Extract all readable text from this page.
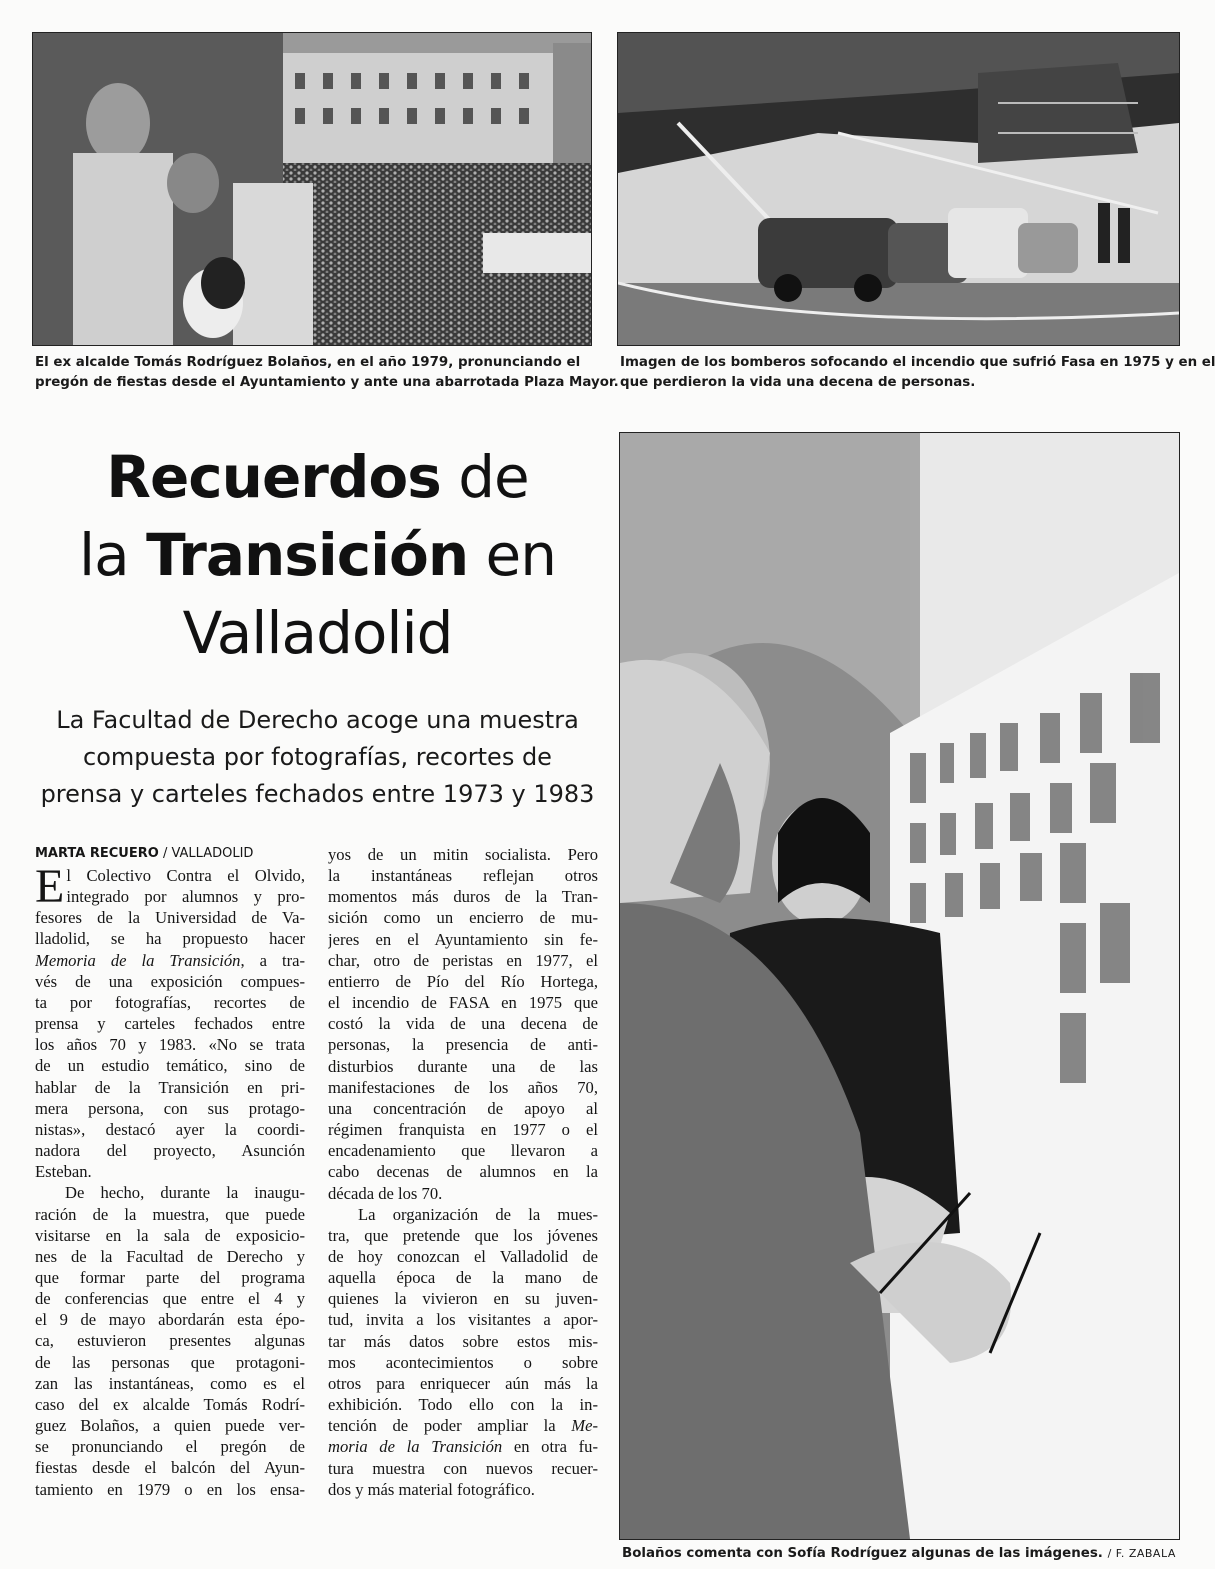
El ex alcalde Tomás Rodríguez Bolaños, en el año 1979, pronunciando el
pregón de fiestas desde el Ayuntamiento y ante una abarrotada Plaza Mayor.
Imagen de los bomberos sofocando el incendio que sufrió Fasa en 1975 y en el
que perdieron la vida una decena de personas.
Recuerdos de
la Transición en
Valladolid
La Facultad de Derecho acoge una muestra
compuesta por fotografías, recortes de
prensa y carteles fechados entre 1973 y 1983
MARTA RECUERO / VALLADOLID
E l Colectivo Contra el Olvido,
integrado por alumnos y pro-
fesores de la Universidad de Va-
lladolid, se ha propuesto hacer
Memoria de la Transición, a tra-
vés de una exposición compues-
ta por fotografías, recortes de
prensa y carteles fechados entre
los años 70 y 1983. «No se trata
de un estudio temático, sino de
hablar de la Transición en pri-
mera persona, con sus protago-
nistas», destacó ayer la coordi-
nadora del proyecto, Asunción
Esteban.
De hecho, durante la inaugu-
ración de la muestra, que puede
visitarse en la sala de exposicio-
nes de la Facultad de Derecho y
que formar parte del programa
de conferencias que entre el 4 y
el 9 de mayo abordarán esta épo-
ca, estuvieron presentes algunas
de las personas que protagoni-
zan las instantáneas, como es el
caso del ex alcalde Tomás Rodrí-
guez Bolaños, a quien puede ver-
se pronunciando el pregón de
fiestas desde el balcón del Ayun-
tamiento en 1979 o en los ensa-
yos de un mitin socialista. Pero
la instantáneas reflejan otros
momentos más duros de la Tran-
sición como un encierro de mu-
jeres en el Ayuntamiento sin fe-
char, otro de peristas en 1977, el
entierro de Pío del Río Hortega,
el incendio de FASA en 1975 que
costó la vida de una decena de
personas, la presencia de anti-
disturbios durante una de las
manifestaciones de los años 70,
una concentración de apoyo al
régimen franquista en 1977 o el
encadenamiento que llevaron a
cabo decenas de alumnos en la
década de los 70.
La organización de la mues-
tra, que pretende que los jóvenes
de hoy conozcan el Valladolid de
aquella época de la mano de
quienes la vivieron en su juven-
tud, invita a los visitantes a apor-
tar más datos sobre estos mis-
mos acontecimientos o sobre
otros para enriquecer aún más la
exhibición. Todo ello con la in-
tención de poder ampliar la Me-
moria de la Transición en otra fu-
tura muestra con nuevos recuer-
dos y más material fotográfico.
Bolaños comenta con Sofía Rodríguez algunas de las imágenes. / F. ZABALA
